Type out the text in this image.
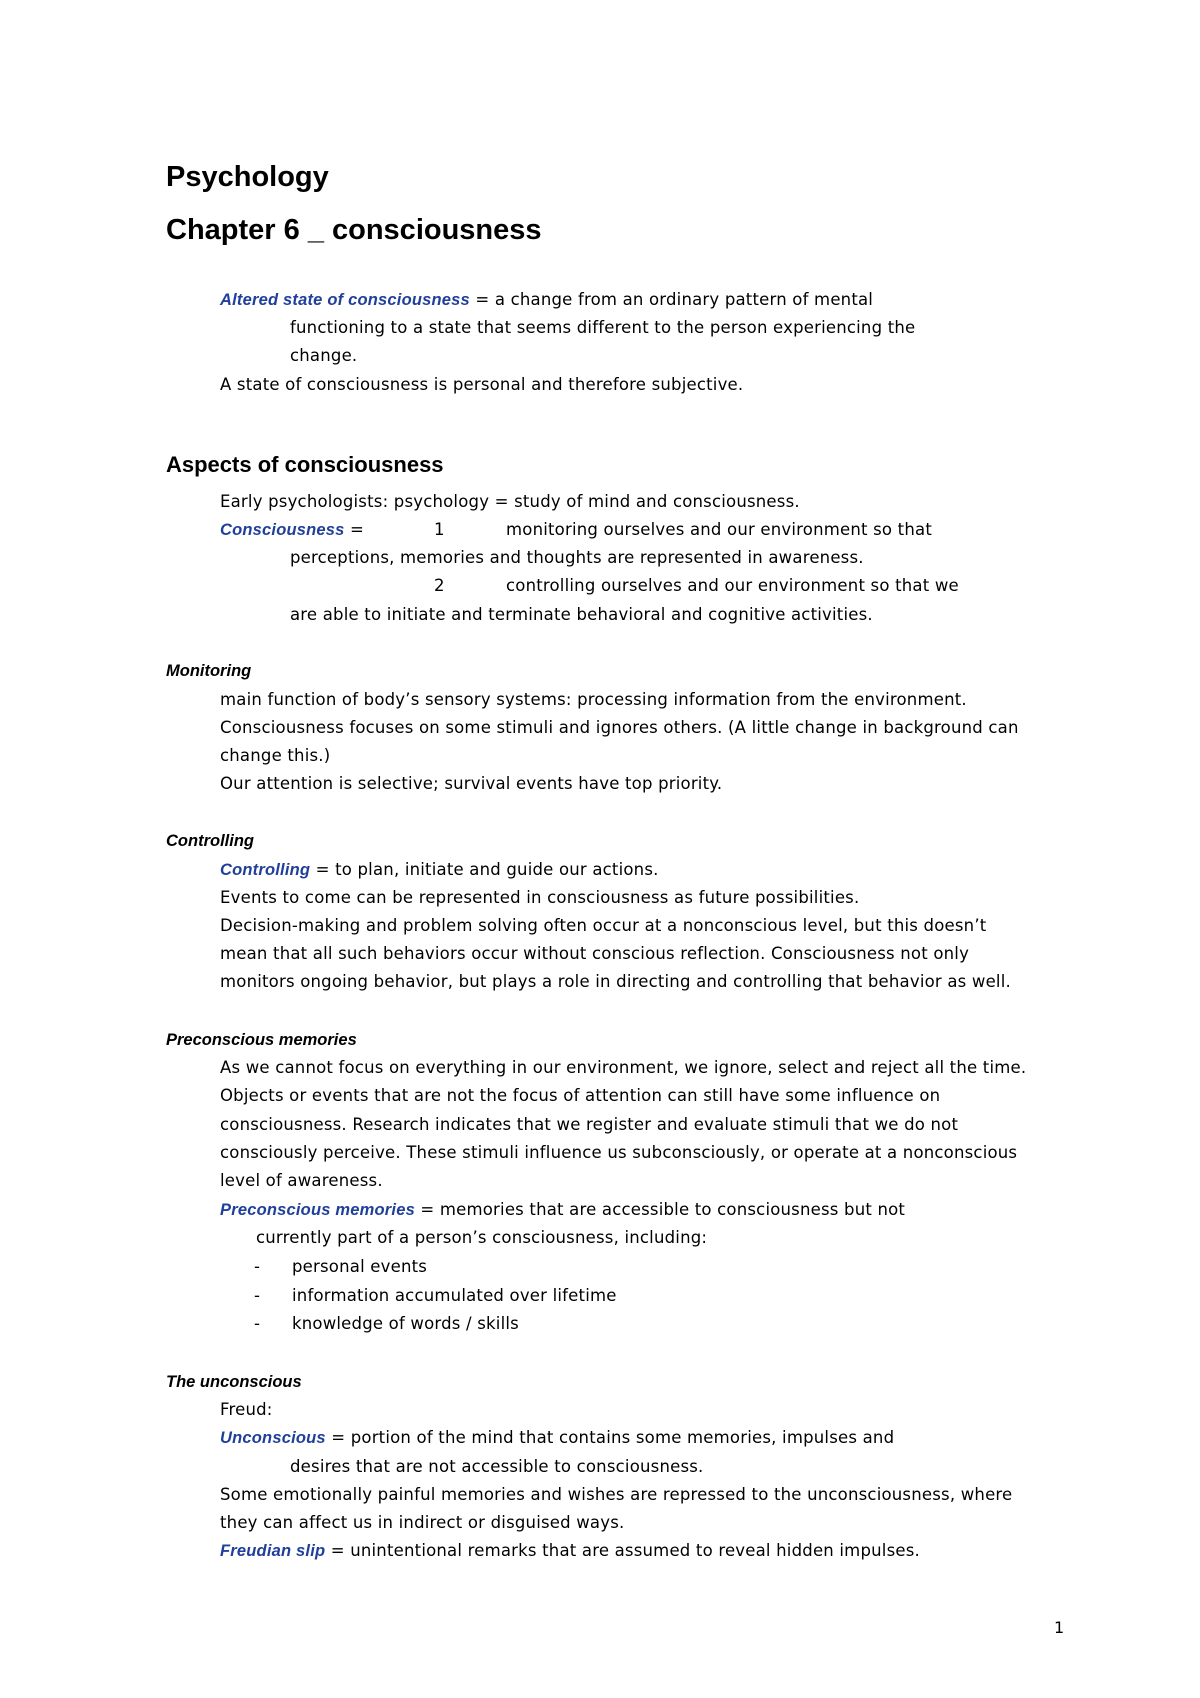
Psychology
Chapter 6 _ consciousness
Altered state of consciousness = a change from an ordinary pattern of mental
functioning to a state that seems different to the person experiencing the
change.
A state of consciousness is personal and therefore subjective.
Aspects of consciousness
Early psychologists: psychology = study of mind and consciousness.
Consciousness =	1	monitoring ourselves and our environment so that
perceptions, memories and thoughts are represented in awareness.
2	controlling ourselves and our environment so that we
are able to initiate and terminate behavioral and cognitive activities.
Monitoring
main function of body’s sensory systems: processing information from the environment.
Consciousness focuses on some stimuli and ignores others. (A little change in background can
change this.)
Our attention is selective; survival events have top priority.
Controlling
Controlling = to plan, initiate and guide our actions.
Events to come can be represented in consciousness as future possibilities.
Decision-making and problem solving often occur at a nonconscious level, but this doesn’t
mean that all such behaviors occur without conscious reflection. Consciousness not only
monitors ongoing behavior, but plays a role in directing and controlling that behavior as well.
Preconscious memories
As we cannot focus on everything in our environment, we ignore, select and reject all the time.
Objects or events that are not the focus of attention can still have some influence on
consciousness. Research indicates that we register and evaluate stimuli that we do not
consciously perceive. These stimuli influence us subconsciously, or operate at a nonconscious
level of awareness.
Preconscious memories = memories that are accessible to consciousness but not
currently part of a person’s consciousness, including:
- personal events
- information accumulated over lifetime
- knowledge of words / skills
The unconscious
Freud:
Unconscious = portion of the mind that contains some memories, impulses and
desires that are not accessible to consciousness.
Some emotionally painful memories and wishes are repressed to the unconsciousness, where
they can affect us in indirect or disguised ways.
Freudian slip = unintentional remarks that are assumed to reveal hidden impulses.
1
